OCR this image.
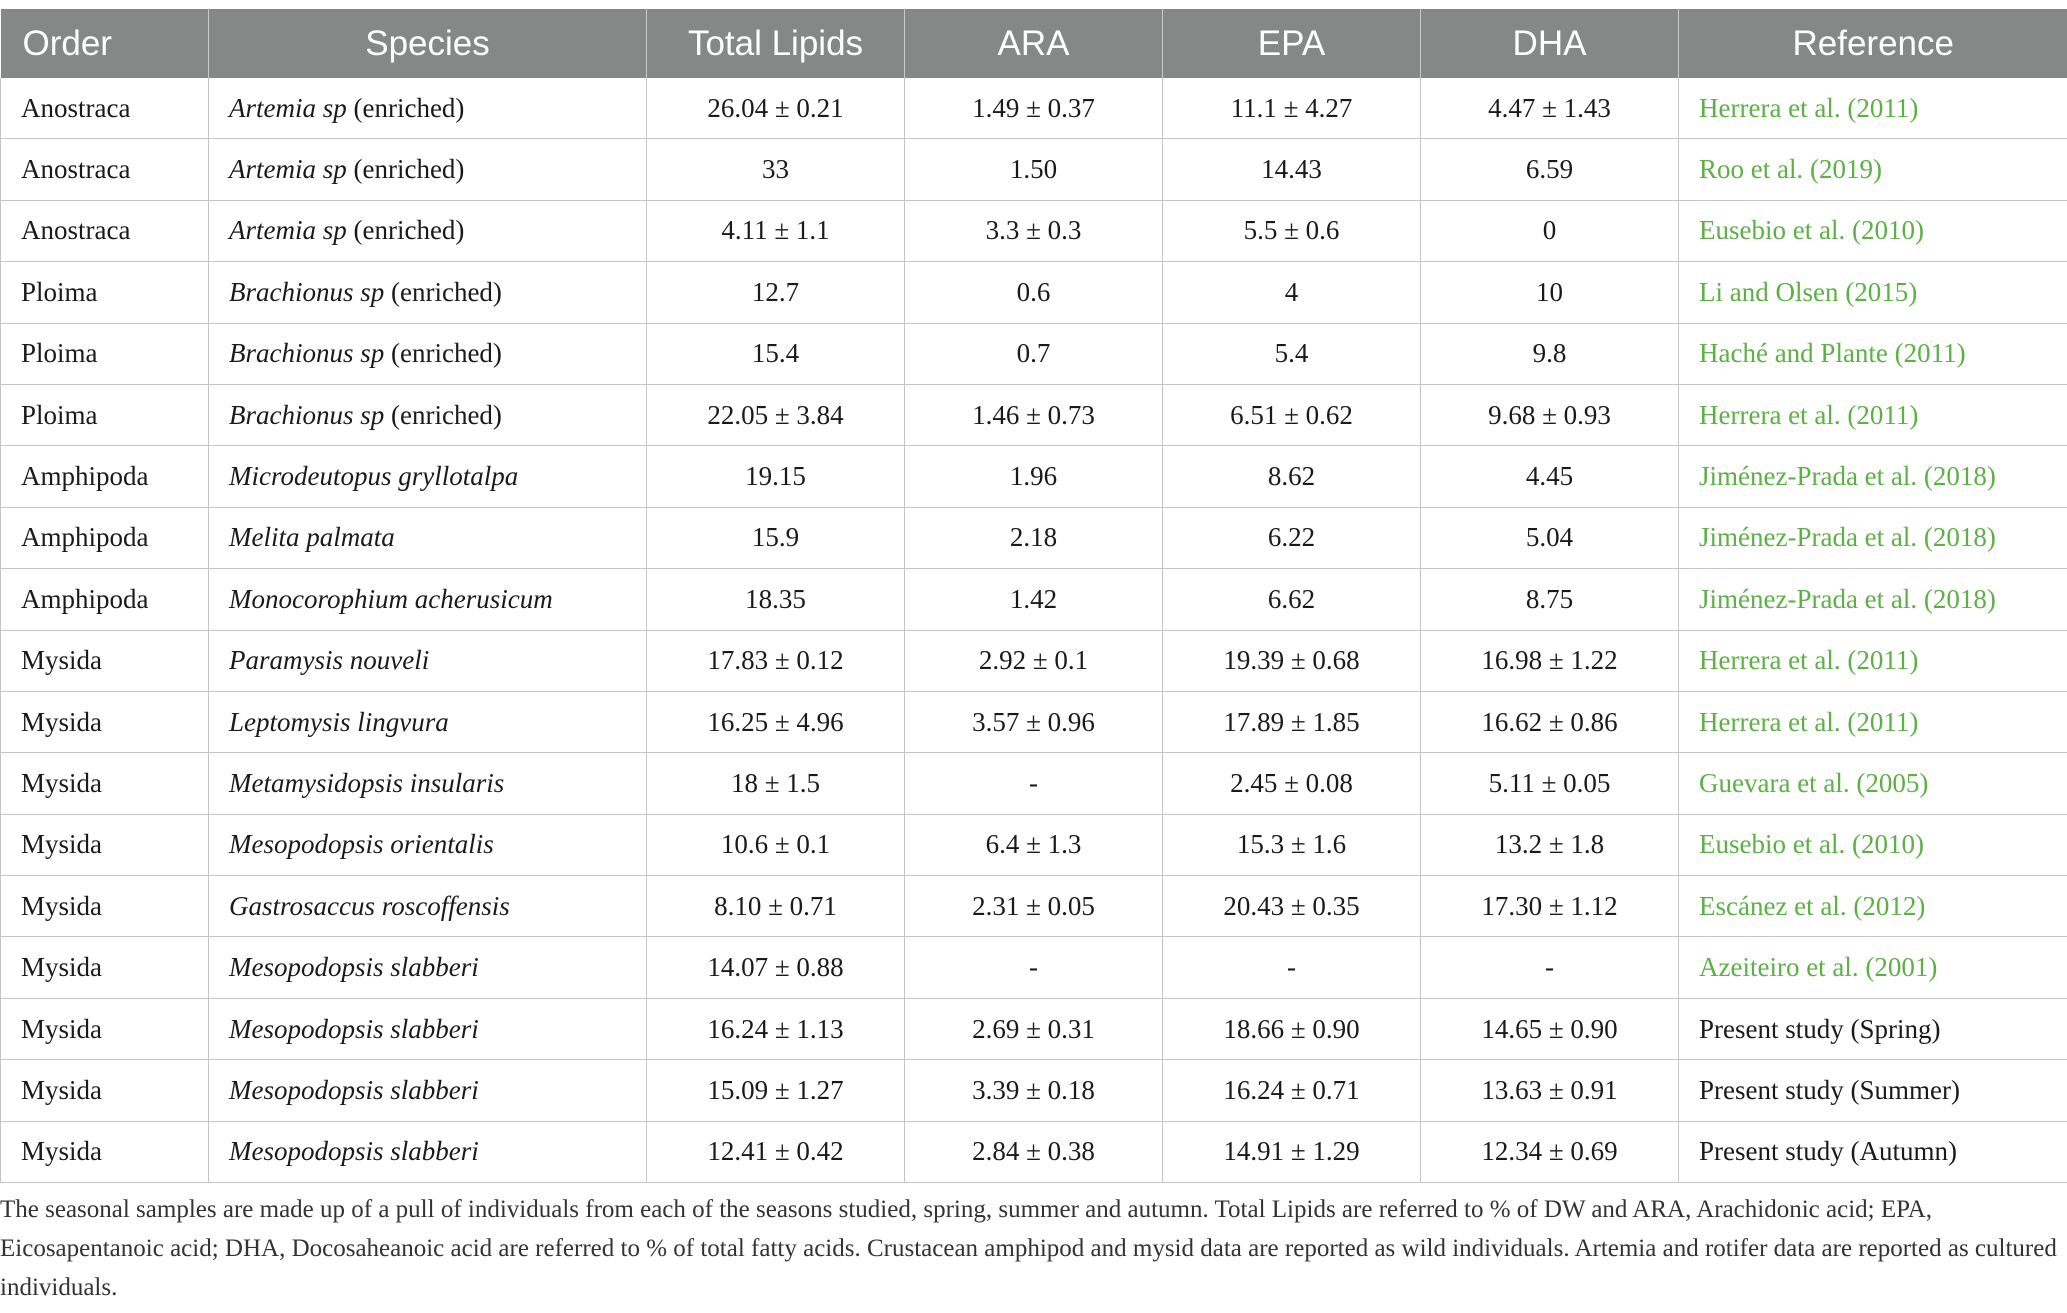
Order	Species	Total Lipids	ARA	EPA	DHA	Reference
Anostraca	Artemia sp (enriched)	26.04 ± 0.21	1.49 ± 0.37	11.1 ± 4.27	4.47 ± 1.43	Herrera et al. (2011)
Anostraca	Artemia sp (enriched)	33	1.50	14.43	6.59	Roo et al. (2019)
Anostraca	Artemia sp (enriched)	4.11 ± 1.1	3.3 ± 0.3	5.5 ± 0.6	0	Eusebio et al. (2010)
Ploima	Brachionus sp (enriched)	12.7	0.6	4	10	Li and Olsen (2015)
Ploima	Brachionus sp (enriched)	15.4	0.7	5.4	9.8	Haché and Plante (2011)
Ploima	Brachionus sp (enriched)	22.05 ± 3.84	1.46 ± 0.73	6.51 ± 0.62	9.68 ± 0.93	Herrera et al. (2011)
Amphipoda	Microdeutopus gryllotalpa	19.15	1.96	8.62	4.45	Jiménez-Prada et al. (2018)
Amphipoda	Melita palmata	15.9	2.18	6.22	5.04	Jiménez-Prada et al. (2018)
Amphipoda	Monocorophium acherusicum	18.35	1.42	6.62	8.75	Jiménez-Prada et al. (2018)
Mysida	Paramysis nouveli	17.83 ± 0.12	2.92 ± 0.1	19.39 ± 0.68	16.98 ± 1.22	Herrera et al. (2011)
Mysida	Leptomysis lingvura	16.25 ± 4.96	3.57 ± 0.96	17.89 ± 1.85	16.62 ± 0.86	Herrera et al. (2011)
Mysida	Metamysidopsis insularis	18 ± 1.5	-	2.45 ± 0.08	5.11 ± 0.05	Guevara et al. (2005)
Mysida	Mesopodopsis orientalis	10.6 ± 0.1	6.4 ± 1.3	15.3 ± 1.6	13.2 ± 1.8	Eusebio et al. (2010)
Mysida	Gastrosaccus roscoffensis	8.10 ± 0.71	2.31 ± 0.05	20.43 ± 0.35	17.30 ± 1.12	Escánez et al. (2012)
Mysida	Mesopodopsis slabberi	14.07 ± 0.88	-	-	-	Azeiteiro et al. (2001)
Mysida	Mesopodopsis slabberi	16.24 ± 1.13	2.69 ± 0.31	18.66 ± 0.90	14.65 ± 0.90	Present study (Spring)
Mysida	Mesopodopsis slabberi	15.09 ± 1.27	3.39 ± 0.18	16.24 ± 0.71	13.63 ± 0.91	Present study (Summer)
Mysida	Mesopodopsis slabberi	12.41 ± 0.42	2.84 ± 0.38	14.91 ± 1.29	12.34 ± 0.69	Present study (Autumn)

The seasonal samples are made up of a pull of individuals from each of the seasons studied, spring, summer and autumn. Total Lipids are referred to % of DW and ARA, Arachidonic acid; EPA, Eicosapentanoic acid; DHA, Docosaheanoic acid are referred to % of total fatty acids. Crustacean amphipod and mysid data are reported as wild individuals. Artemia and rotifer data are reported as cultured individuals.
